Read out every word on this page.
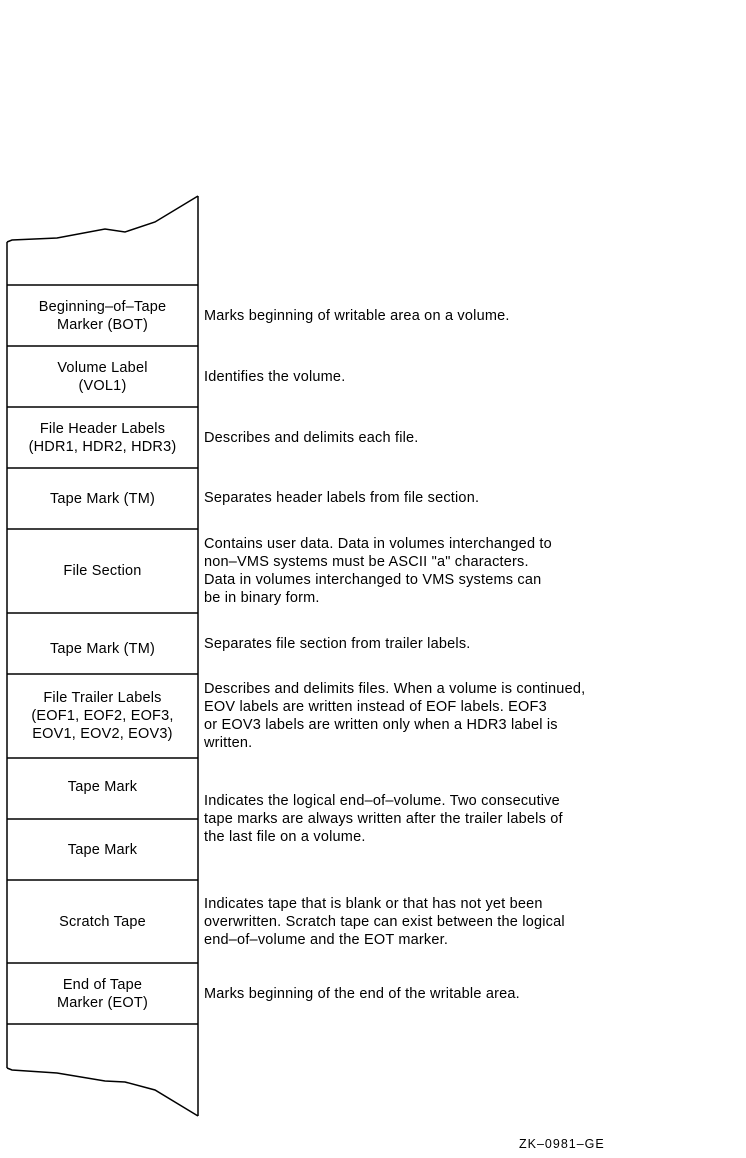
Beginning–of–Tape
Marker (BOT)
Volume Label
(VOL1)
File Header Labels
(HDR1, HDR2, HDR3)
Tape Mark (TM)
File Section
Tape Mark (TM)
File Trailer Labels
(EOF1, EOF2, EOF3,
EOV1, EOV2, EOV3)
Tape Mark
Tape Mark
Scratch Tape
End of Tape
Marker (EOT)
Marks beginning of writable area on a volume.
Identifies the volume.
Describes and delimits each file.
Separates header labels from file section.
Contains user data. Data in volumes interchanged to
non–VMS systems must be ASCII "a" characters.
Data in volumes interchanged to VMS systems can
be in binary form.
Separates file section from trailer labels.
Describes and delimits files. When a volume is continued,
EOV labels are written instead of EOF labels. EOF3
or EOV3 labels are written only when a HDR3 label is
written.
Indicates the logical end–of–volume. Two consecutive
tape marks are always written after the trailer labels of
the last file on a volume.
Indicates tape that is blank or that has not yet been
overwritten. Scratch tape can exist between the logical
end–of–volume and the EOT marker.
Marks beginning of the end of the writable area.
ZK–0981–GE
